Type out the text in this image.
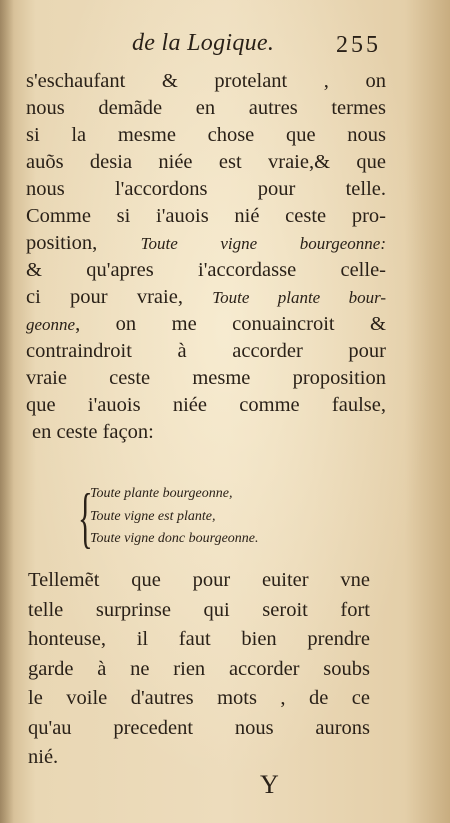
de la Logique.	255
s'eschaufant & protelant , on
nous demãde en autres termes
si la mesme chose que nous
auõs desia niée est vraie,& que
nous l'accordons pour telle.
Comme si i'auois nié ceste pro-
position,	Toute vigne bourgeonne:
& qu'apres i'accordasse celle-
ci pour vraie, Toute plante bour-
geonne, on me conuaincroit &
contraindroit à accorder pour
vraie ceste mesme proposition
que i'auois niée comme faulse,
en ceste façon:
{
Toute plante bourgeonne,
Toute vigne est plante,
Toute vigne donc bourgeonne.
Tellemẽt que pour euiter vne
telle surprinse qui seroit fort
honteuse, il faut bien prendre
garde à ne rien accorder soubs
le voile d'autres mots , de ce
qu'au precedent nous aurons
nié.
Y
